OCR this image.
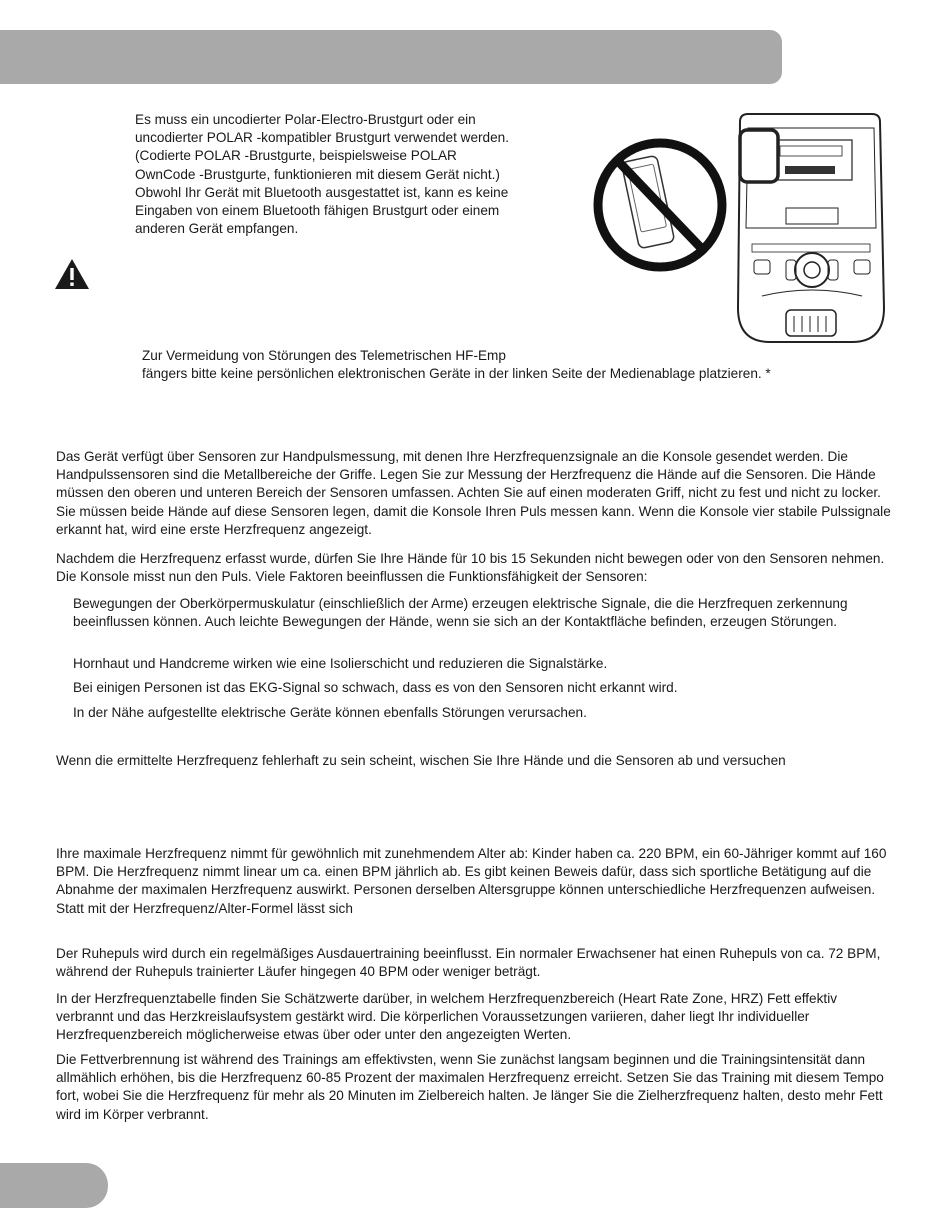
Es muss ein uncodierter Polar-Electro-Brustgurt oder ein
uncodierter POLAR -kompatibler Brustgurt verwendet werden.
(Codierte POLAR -Brustgurte, beispielsweise POLAR
OwnCode -Brustgurte, funktionieren mit diesem Gerät nicht.)
Obwohl Ihr Gerät mit Bluetooth ausgestattet ist, kann es keine
Eingaben von einem Bluetooth fähigen Brustgurt oder einem
anderen Gerät empfangen.
Zur Vermeidung von Störungen des Telemetrischen HF-Emp
fängers bitte keine persönlichen elektronischen Geräte in der linken Seite der Medienablage platzieren. *

Das Gerät verfügt über Sensoren zur Handpulsmessung, mit denen Ihre Herzfrequenzsignale an die Konsole gesendet werden. Die Handpulssensoren sind die Metallbereiche der Griffe. Legen Sie zur Messung der Herzfrequenz die Hände auf die Sensoren. Die Hände müssen den oberen und unteren Bereich der Sensoren umfassen. Achten Sie auf einen moderaten Griff, nicht zu fest und nicht zu locker. Sie müssen beide Hände auf diese Sensoren legen, damit die Konsole Ihren Puls messen kann. Wenn die Konsole vier stabile Pulssignale erkannt hat, wird eine erste Herzfrequenz angezeigt.

Nachdem die Herzfrequenz erfasst wurde, dürfen Sie Ihre Hände für 10 bis 15 Sekunden nicht bewegen oder von den Sensoren nehmen. Die Konsole misst nun den Puls. Viele Faktoren beeinflussen die Funktionsfähigkeit der Sensoren:

Bewegungen der Oberkörpermuskulatur (einschließlich der Arme) erzeugen elektrische Signale, die die Herzfrequen zerkennung beeinflussen können. Auch leichte Bewegungen der Hände, wenn sie sich an der Kontaktfläche befinden, erzeugen Störungen.

Hornhaut und Handcreme wirken wie eine Isolierschicht und reduzieren die Signalstärke.

Bei einigen Personen ist das EKG-Signal so schwach, dass es von den Sensoren nicht erkannt wird.

In der Nähe aufgestellte elektrische Geräte können ebenfalls Störungen verursachen.

Wenn die ermittelte Herzfrequenz fehlerhaft zu sein scheint, wischen Sie Ihre Hände und die Sensoren ab und versuchen

Ihre maximale Herzfrequenz nimmt für gewöhnlich mit zunehmendem Alter ab: Kinder haben ca. 220 BPM, ein 60-Jähriger kommt auf 160 BPM. Die Herzfrequenz nimmt linear um ca. einen BPM jährlich ab. Es gibt keinen Beweis dafür, dass sich sportliche Betätigung auf die Abnahme der maximalen Herzfrequenz auswirkt. Personen derselben Altersgruppe können unterschiedliche Herzfrequenzen aufweisen. Statt mit der Herzfrequenz/Alter-Formel lässt sich

Der Ruhepuls wird durch ein regelmäßiges Ausdauertraining beeinflusst. Ein normaler Erwachsener hat einen Ruhepuls von ca. 72 BPM, während der Ruhepuls trainierter Läufer hingegen 40 BPM oder weniger beträgt.

In der Herzfrequenztabelle finden Sie Schätzwerte darüber, in welchem Herzfrequenzbereich (Heart Rate Zone, HRZ) Fett effektiv verbrannt und das Herzkreislaufsystem gestärkt wird. Die körperlichen Voraussetzungen variieren, daher liegt Ihr individueller Herzfrequenzbereich möglicherweise etwas über oder unter den angezeigten Werten.

Die Fettverbrennung ist während des Trainings am effektivsten, wenn Sie zunächst langsam beginnen und die Trainingsintensität dann allmählich erhöhen, bis die Herzfrequenz 60-85 Prozent der maximalen Herzfrequenz erreicht. Setzen Sie das Training mit diesem Tempo fort, wobei Sie die Herzfrequenz für mehr als 20 Minuten im Zielbereich halten. Je länger Sie die Zielherzfrequenz halten, desto mehr Fett wird im Körper verbrannt.
